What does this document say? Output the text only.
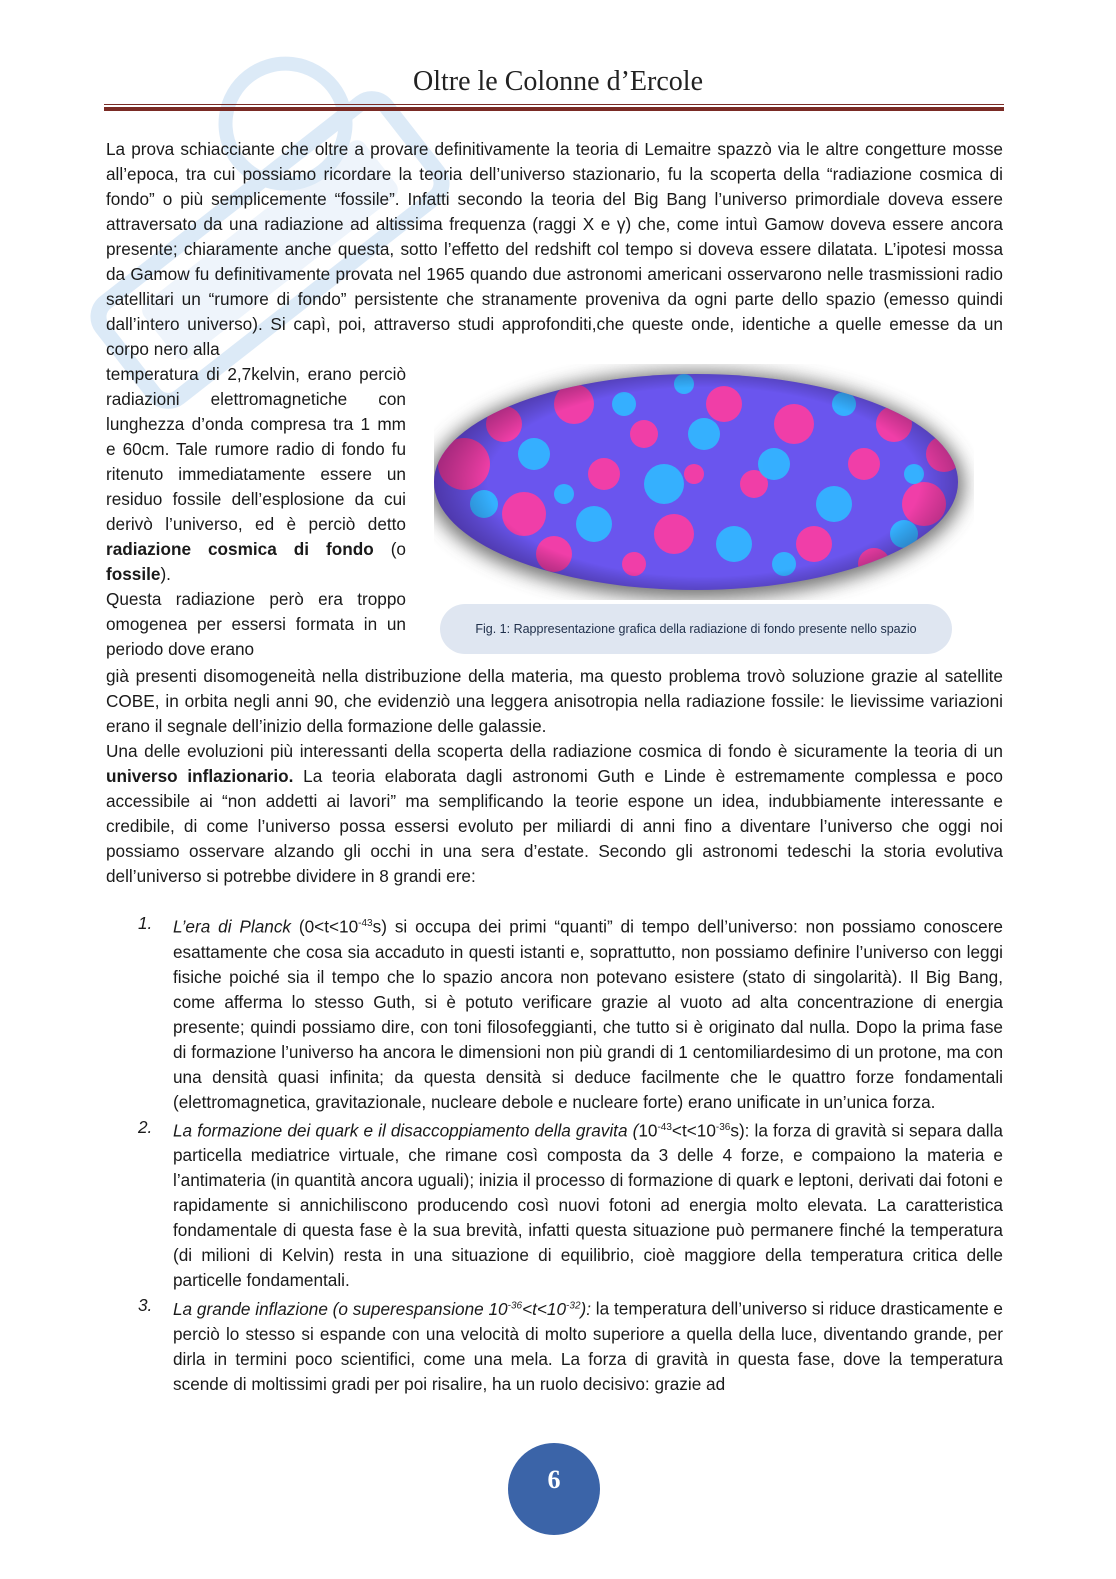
Oltre le Colonne d’Ercole

La prova schiacciante che oltre a provare definitivamente la teoria di Lemaitre spazzò via le altre congetture mosse all’epoca, tra cui possiamo ricordare la teoria dell’universo stazionario, fu la scoperta della “radiazione cosmica di fondo” o più semplicemente “fossile”. Infatti secondo la teoria del Big Bang l’universo primordiale doveva essere attraversato da una radiazione ad altissima frequenza (raggi X e γ) che, come intuì Gamow doveva essere ancora presente; chiaramente anche questa, sotto l’effetto del redshift col tempo si doveva essere dilatata. L’ipotesi mossa da Gamow fu definitivamente provata nel 1965 quando due astronomi americani osservarono nelle trasmissioni radio satellitari un “rumore di fondo” persistente che stranamente proveniva da ogni parte dello spazio (emesso quindi dall’intero universo). Si capì, poi, attraverso studi approfonditi,che queste onde, identiche a quelle emesse da un corpo nero alla

Fig. 1: Rappresentazione grafica della radiazione di fondo presente nello spazio

temperatura di 2,7kelvin, erano perciò radiazioni elettromagnetiche con lunghezza d’onda compresa tra 1 mm e 60cm. Tale rumore radio di fondo fu ritenuto immediatamente essere un residuo fossile dell’esplosione da cui derivò l’universo, ed è perciò detto radiazione cosmica di fondo (o fossile).

Questa radiazione però era troppo omogenea per essersi formata in un periodo dove erano

già presenti disomogeneità nella distribuzione della materia, ma questo problema trovò soluzione grazie al satellite COBE, in orbita negli anni 90, che evidenziò una leggera anisotropia nella radiazione fossile: le lievissime variazioni erano il segnale dell’inizio della formazione delle galassie.

Una delle evoluzioni più interessanti della scoperta della radiazione cosmica di fondo è sicuramente la teoria di un universo inflazionario. La teoria elaborata dagli astronomi Guth e Linde è estremamente complessa e poco accessibile ai “non addetti ai lavori” ma semplificando la teorie espone un idea, indubbiamente interessante e credibile, di come l’universo possa essersi evoluto per miliardi di anni fino a diventare l’universo che oggi noi possiamo osservare alzando gli occhi in una sera d’estate. Secondo gli astronomi tedeschi la storia evolutiva dell’universo si potrebbe dividere in 8 grandi ere:

1. L’era di Planck $(0<t<10^{-43}s)$ si occupa dei primi “quanti” di tempo dell’universo: non possiamo conoscere esattamente che cosa sia accaduto in questi istanti e, soprattutto, non possiamo definire l’universo con leggi fisiche poiché sia il tempo che lo spazio ancora non potevano esistere (stato di singolarità). Il Big Bang, come afferma lo stesso Guth, si è potuto verificare grazie al vuoto ad alta concentrazione di energia presente; quindi possiamo dire, con toni filosofeggianti, che tutto si è originato dal nulla. Dopo la prima fase di formazione l’universo ha ancora le dimensioni non più grandi di 1 centomiliardesimo di un protone, ma con una densità quasi infinita; da questa densità si deduce facilmente che le quattro forze fondamentali (elettromagnetica, gravitazionale, nucleare debole e nucleare forte) erano unificate in un’unica forza.
2. La formazione dei quark e il disaccoppiamento della gravita $(10^{-43}<t<10^{-36}s)$: la forza di gravità si separa dalla particella mediatrice virtuale, che rimane così composta da 3 delle 4 forze, e compaiono la materia e l’antimateria (in quantità ancora uguali); inizia il processo di formazione di quark e leptoni, derivati dai fotoni e rapidamente si annichiliscono producendo così nuovi fotoni ad energia molto elevata. La caratteristica fondamentale di questa fase è la sua brevità, infatti questa situazione può permanere finché la temperatura (di milioni di Kelvin) resta in una situazione di equilibrio, cioè maggiore della temperatura critica delle particelle fondamentali.
3. La grande inflazione (o superespansione $10^{-36}<t<10^{-32}$): la temperatura dell’universo si riduce drasticamente e perciò lo stesso si espande con una velocità di molto superiore a quella della luce, diventando grande, per dirla in termini poco scientifici, come una mela. La forza di gravità in questa fase, dove la temperatura scende di moltissimi gradi per poi risalire, ha un ruolo decisivo: grazie ad
6
